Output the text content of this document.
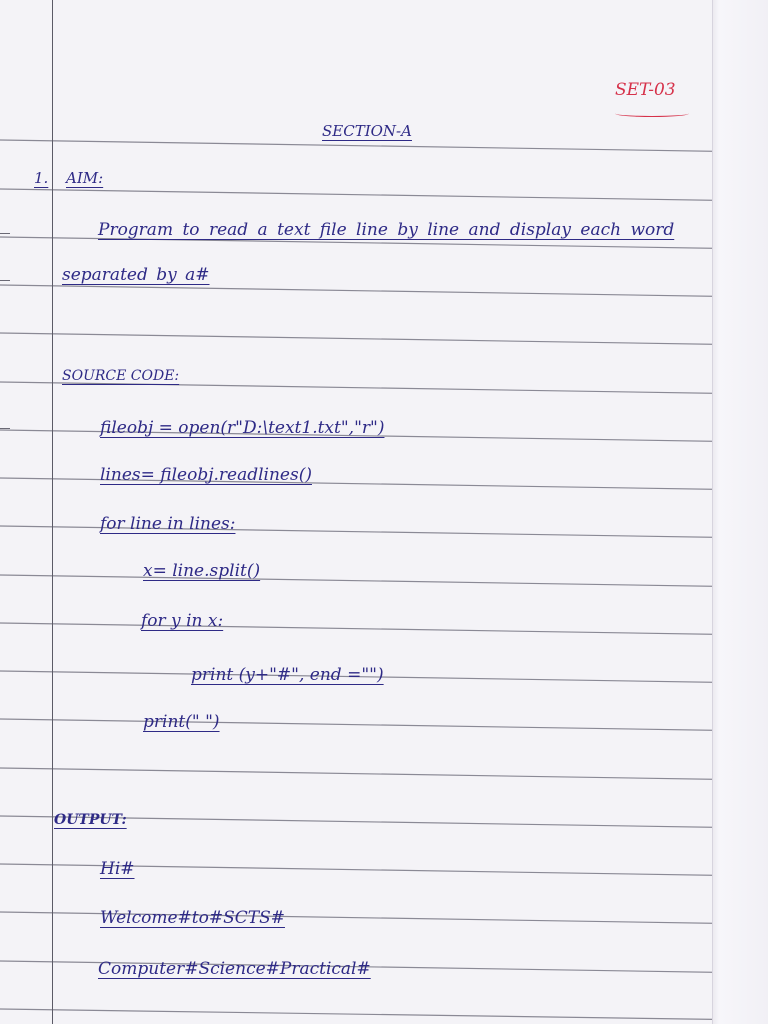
SET-03

SECTION-A

1. AIM:

Program to read a text file line by line and display each word

separated by a#

SOURCE CODE:

fileobj = open(r"D:\text1.txt","r")

lines= fileobj.readlines()

for line in lines:

x= line.split()

for y in x:

print (y+"#", end ="")

print(" ")

OUTPUT:

Hi#

Welcome#to#SCTS#

Computer#Science#Practical#
